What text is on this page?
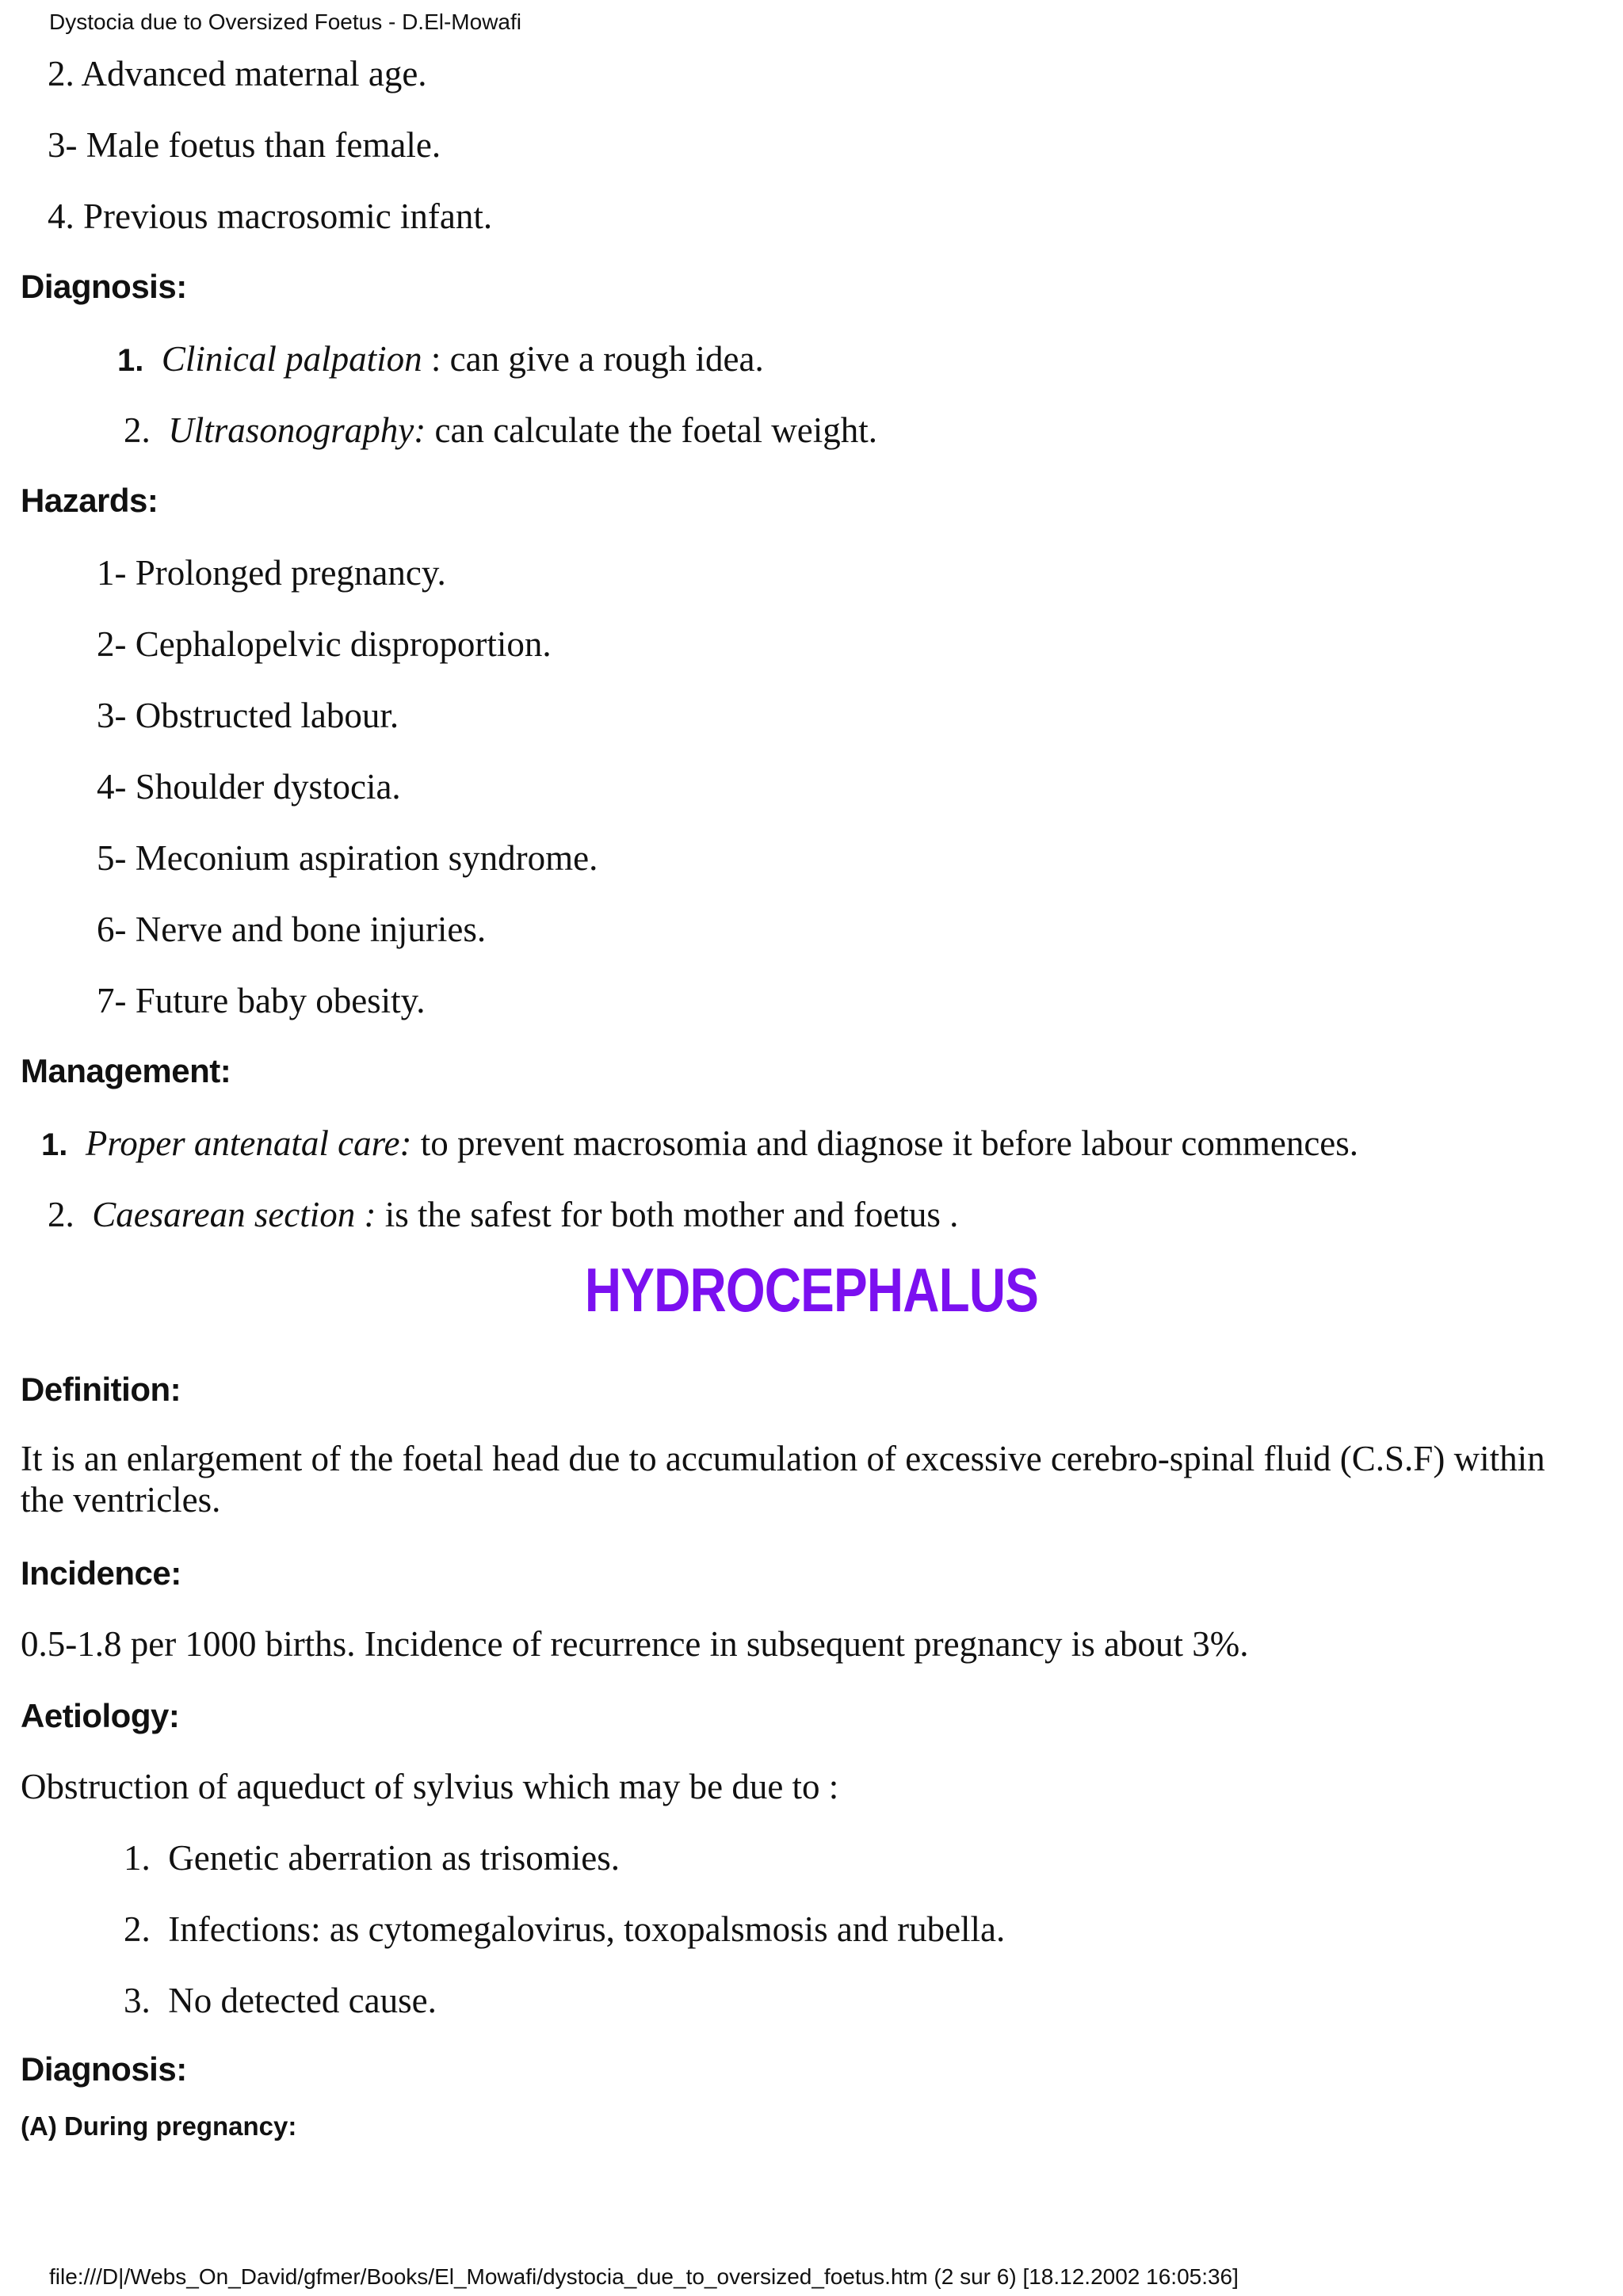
Dystocia due to Oversized Foetus - D.El-Mowafi
2. Advanced maternal age.
3- Male foetus than female.
4. Previous macrosomic infant.
Diagnosis:
1. Clinical palpation : can give a rough idea.
2. Ultrasonography: can calculate the foetal weight.
Hazards:
1- Prolonged pregnancy.
2- Cephalopelvic disproportion.
3- Obstructed labour.
4- Shoulder dystocia.
5- Meconium aspiration syndrome.
6- Nerve and bone injuries.
7- Future baby obesity.
Management:
1. Proper antenatal care: to prevent macrosomia and diagnose it before labour commences.
2. Caesarean section : is the safest for both mother and foetus .
HYDROCEPHALUS
Definition:
It is an enlargement of the foetal head due to accumulation of excessive cerebro-spinal fluid (C.S.F) within the ventricles.
Incidence:
0.5-1.8 per 1000 births. Incidence of recurrence in subsequent pregnancy is about 3%.
Aetiology:
Obstruction of aqueduct of sylvius which may be due to :
1. Genetic aberration as trisomies.
2. Infections: as cytomegalovirus, toxopalsmosis and rubella.
3. No detected cause.
Diagnosis:
(A) During pregnancy:
file:///D|/Webs_On_David/gfmer/Books/El_Mowafi/dystocia_due_to_oversized_foetus.htm (2 sur 6) [18.12.2002 16:05:36]
